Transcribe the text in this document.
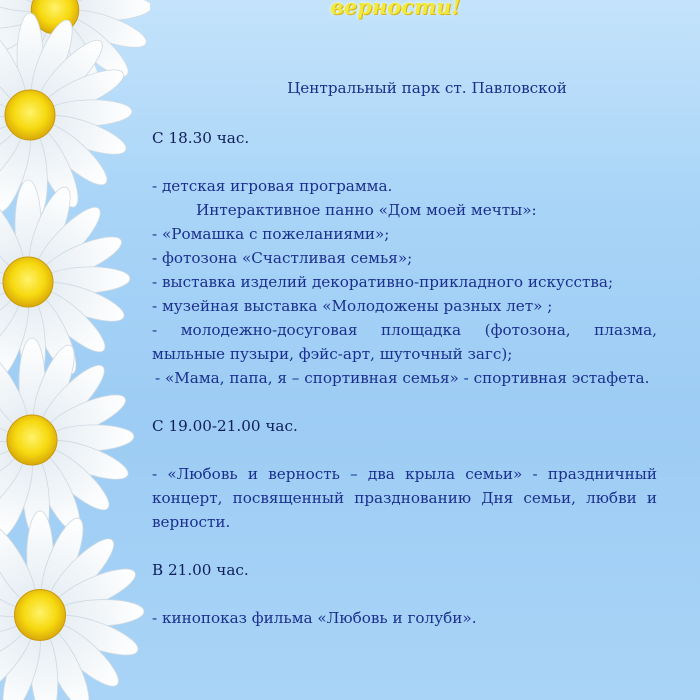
верности!
Центральный парк ст. Павловской
С 18.30 час.

- детская игровая программа.

Интерактивное панно «Дом моей мечты»:

- «Ромашка с пожеланиями»;

- фотозона «Счастливая семья»;

- выставка изделий декоративно-прикладного искусства;

- музейная выставка «Молодожены разных лет» ;

- молодежно-досуговая площадка (фотозона, плазма,

мыльные пузыри, фэйс-арт, шуточный загс);

- «Мама, папа, я – спортивная семья» - спортивная эстафета.

С 19.00-21.00 час.

- «Любовь и верность – два крыла семьи» - праздничный

концерт, посвященный празднованию Дня семьи, любви и

верности.

В 21.00 час.

- кинопоказ фильма «Любовь и голуби».
